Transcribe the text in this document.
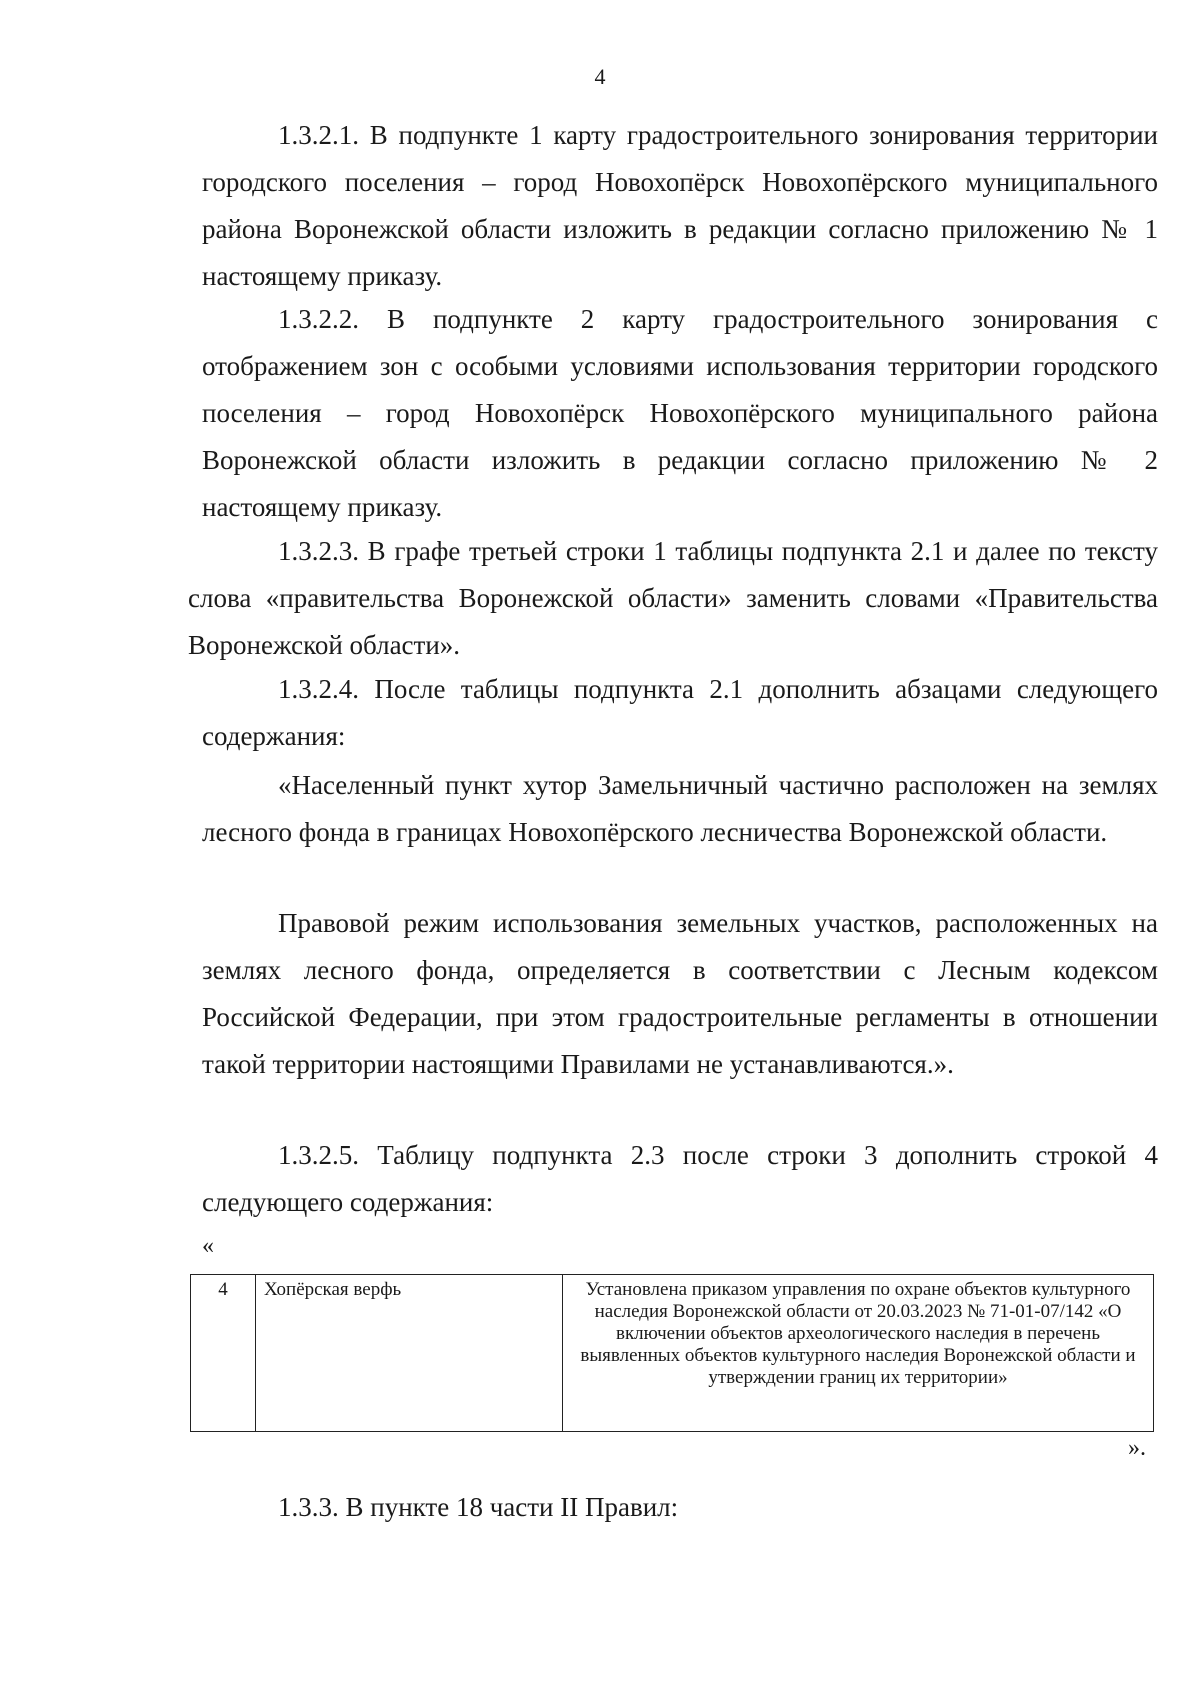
4

1.3.2.1. В подпункте 1 карту градостроительного зонирования территории городского поселения – город Новохопёрск Новохопёрского муниципального района Воронежской области изложить в редакции согласно приложению № 1 настоящему приказу.

1.3.2.2. В подпункте 2 карту градостроительного зонирования с отображением зон с особыми условиями использования территории городского поселения – город Новохопёрск Новохопёрского муниципального района Воронежской области изложить в редакции согласно приложению № 2 настоящему приказу.

1.3.2.3. В графе третьей строки 1 таблицы подпункта 2.1 и далее по тексту слова «правительства Воронежской области» заменить словами «Правительства Воронежской области».

1.3.2.4. После таблицы подпункта 2.1 дополнить абзацами следующего содержания:

«Населенный пункт хутор Замельничный частично расположен на землях лесного фонда в границах Новохопёрского лесничества Воронежской области.

Правовой режим использования земельных участков, расположенных на землях лесного фонда, определяется в соответствии с Лесным кодексом Российской Федерации, при этом градостроительные регламенты в отношении такой территории настоящими Правилами не устанавливаются.».

1.3.2.5. Таблицу подпункта 2.3 после строки 3 дополнить строкой 4 следующего содержания:

«
4	Хопёрская верфь	Установлена приказом управления по охране объектов культурного наследия Воронежской области от 20.03.2023 № 71-01-07/142 «О включении объектов археологического наследия в перечень выявленных объектов культурного наследия Воронежской области и утверждении границ их территории»
».

1.3.3. В пункте 18 части II Правил:
